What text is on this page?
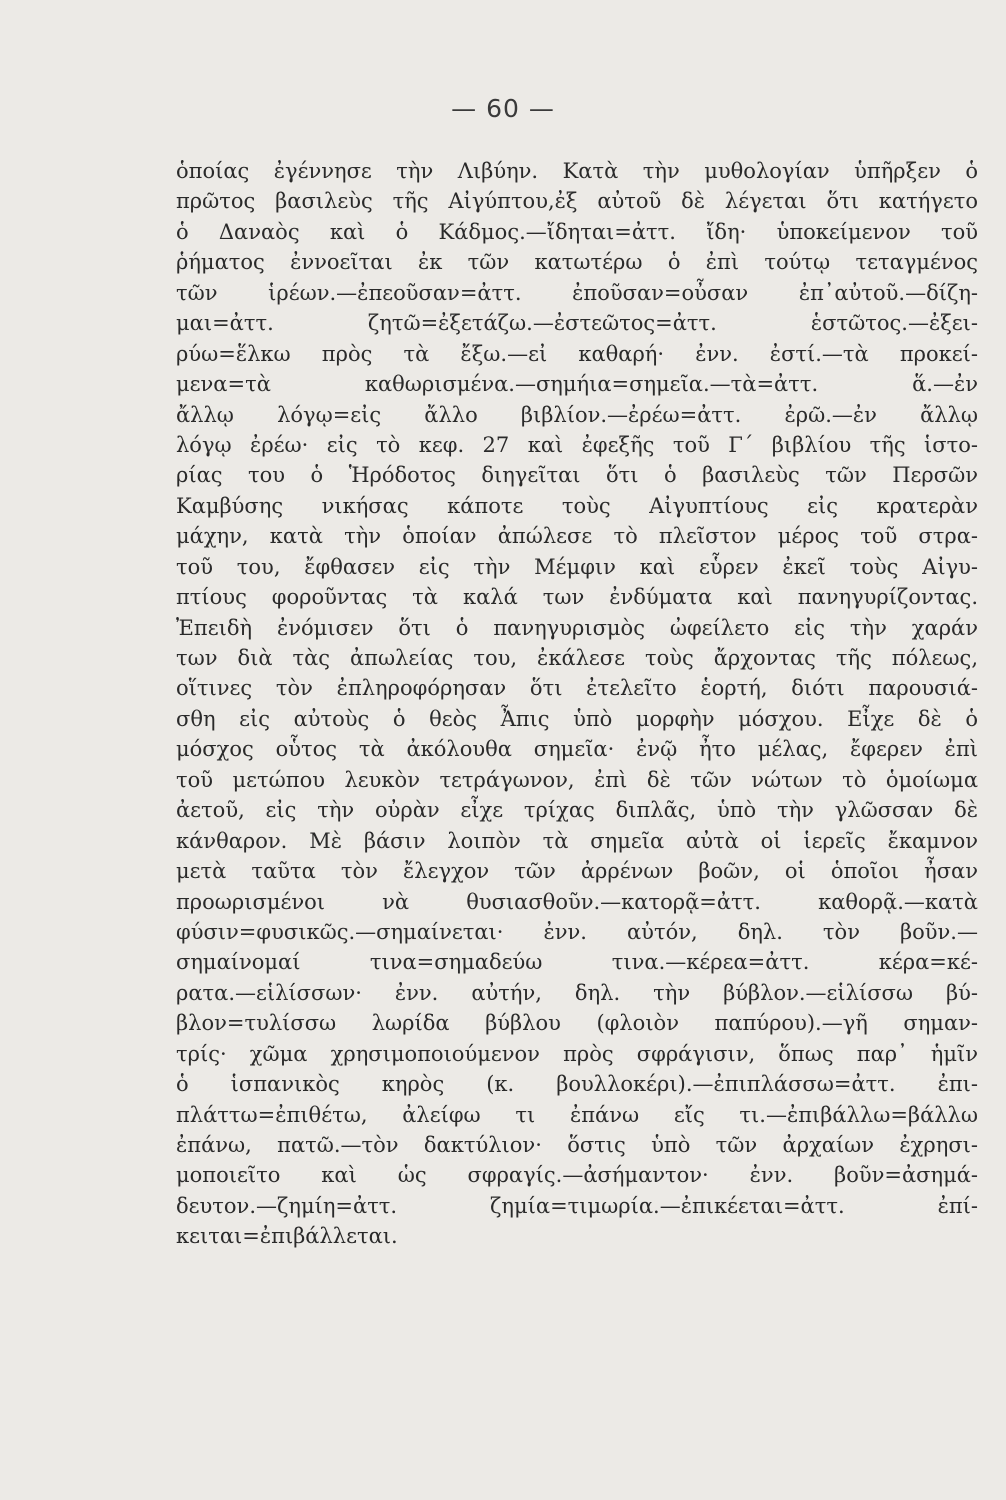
— 60 —
ὁποίας ἐγέννησε τὴν Λιβύην. Κατὰ τὴν μυθολογίαν ὑπῆρξεν ὁ
πρῶτος βασιλεὺς τῆς Αἰγύπτου,ἐξ αὐτοῦ δὲ λέγεται ὅτι κατήγετο
ὁ Δαναὸς καὶ ὁ Κάδμος.—ἴδηται=ἀττ. ἴδη· ὑποκείμενον τοῦ
ῥήματος ἐννοεῖται ἐκ τῶν κατωτέρω ὁ ἐπὶ τούτῳ τεταγμένος
τῶν ἱρέων.—ἐπεοῦσαν=ἀττ. ἐποῦσαν=οὖσαν ἐπ᾿αὐτοῦ.—δίζη-
μαι=ἀττ. ζητῶ=ἐξετάζω.—ἐστεῶτος=ἀττ. ἑστῶτος.—ἐξει-
ρύω=ἕλκω πρὸς τὰ ἔξω.—εἰ καθαρή· ἐνν. ἐστί.—τὰ προκεί-
μενα=τὰ καθωρισμένα.—σημήια=σημεῖα.—τὰ=ἀττ. ἅ.—ἐν
ἄλλῳ λόγῳ=εἰς ἄλλο βιβλίον.—ἐρέω=ἀττ. ἐρῶ.—ἐν ἄλλῳ
λόγῳ ἐρέω· εἰς τὸ κεφ. 27 καὶ ἐφεξῆς τοῦ Γ´ βιβλίου τῆς ἱστο-
ρίας του ὁ Ἡρόδοτος διηγεῖται ὅτι ὁ βασιλεὺς τῶν Περσῶν
Καμβύσης νικήσας κάποτε τοὺς Αἰγυπτίους εἰς κρατερὰν
μάχην, κατὰ τὴν ὁποίαν ἀπώλεσε τὸ πλεῖστον μέρος τοῦ στρα-
τοῦ του, ἔφθασεν εἰς τὴν Μέμφιν καὶ εὗρεν ἐκεῖ τοὺς Αἰγυ-
πτίους φοροῦντας τὰ καλά των ἐνδύματα καὶ πανηγυρίζοντας.
Ἐπειδὴ ἐνόμισεν ὅτι ὁ πανηγυρισμὸς ὠφείλετο εἰς τὴν χαράν
των διὰ τὰς ἀπωλείας του, ἐκάλεσε τοὺς ἄρχοντας τῆς πόλεως,
οἵτινες τὸν ἐπληροφόρησαν ὅτι ἐτελεῖτο ἑορτή, διότι παρουσιά-
σθη εἰς αὐτοὺς ὁ θεὸς Ἆπις ὑπὸ μορφὴν μόσχου. Εἶχε δὲ ὁ
μόσχος οὗτος τὰ ἀκόλουθα σημεῖα· ἐνῷ ἦτο μέλας, ἔφερεν ἐπὶ
τοῦ μετώπου λευκὸν τετράγωνον, ἐπὶ δὲ τῶν νώτων τὸ ὁμοίωμα
ἀετοῦ, εἰς τὴν οὐρὰν εἶχε τρίχας διπλᾶς, ὑπὸ τὴν γλῶσσαν δὲ
κάνθαρον. Μὲ βάσιν λοιπὸν τὰ σημεῖα αὐτὰ οἱ ἱερεῖς ἔκαμνον
μετὰ ταῦτα τὸν ἔλεγχον τῶν ἀρρένων βοῶν, οἱ ὁποῖοι ἦσαν
προωρισμένοι νὰ θυσιασθοῦν.—κατορᾷ=ἀττ. καθορᾷ.—κατὰ
φύσιν=φυσικῶς.—σημαίνεται· ἐνν. αὐτόν, δηλ. τὸν βοῦν.—
σημαίνομαί τινα=σημαδεύω τινα.—κέρεα=ἀττ. κέρα=κέ-
ρατα.—εἱλίσσων· ἐνν. αὐτήν, δηλ. τὴν βύβλον.—εἱλίσσω βύ-
βλον=τυλίσσω λωρίδα βύβλου (φλοιὸν παπύρου).—γῆ σημαν-
τρίς· χῶμα χρησιμοποιούμενον πρὸς σφράγισιν, ὅπως παρ᾿ ἡμῖν
ὁ ἱσπανικὸς κηρὸς (κ. βουλλοκέρι).—ἐπιπλάσσω=ἀττ. ἐπι-
πλάττω=ἐπιθέτω, ἀλείφω τι ἐπάνω εἴς τι.—ἐπιβάλλω=βάλλω
ἐπάνω, πατῶ.—τὸν δακτύλιον· ὅστις ὑπὸ τῶν ἀρχαίων ἐχρησι-
μοποιεῖτο καὶ ὡς σφραγίς.—ἀσήμαντον· ἐνν. βοῦν=ἀσημά-
δευτον.—ζημίη=ἀττ. ζημία=τιμωρία.—ἐπικέεται=ἀττ. ἐπί-
κειται=ἐπιβάλλεται.
